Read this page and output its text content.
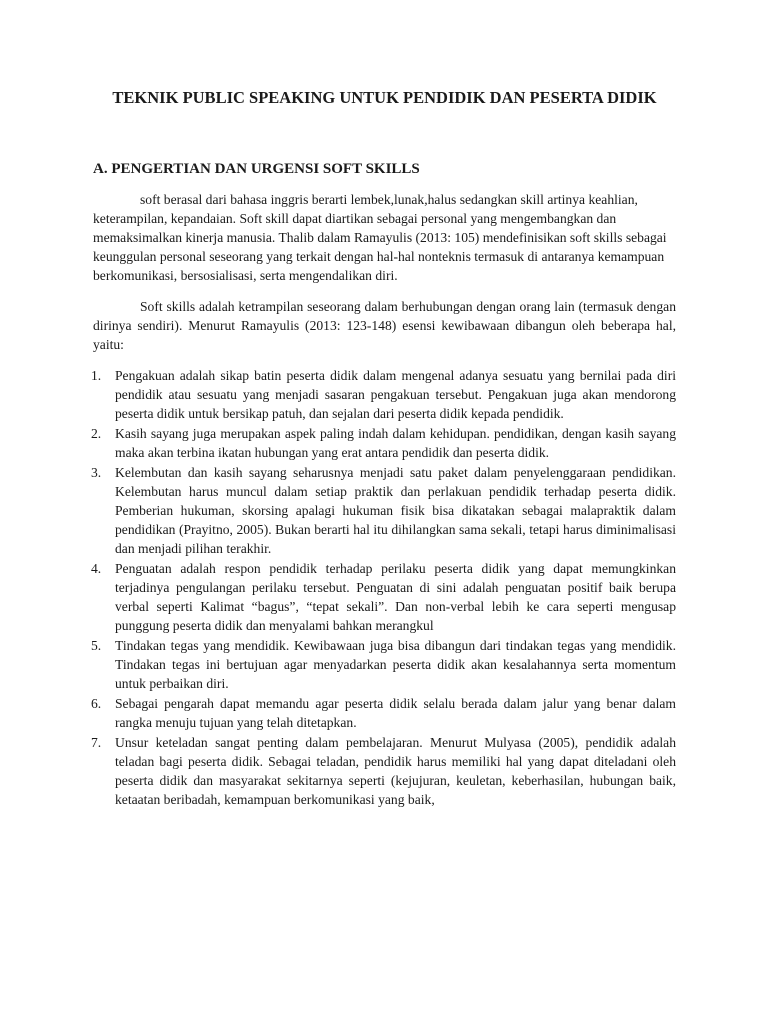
TEKNIK PUBLIC SPEAKING UNTUK PENDIDIK DAN PESERTA DIDIK
A. PENGERTIAN DAN URGENSI SOFT SKILLS

soft berasal dari bahasa inggris berarti lembek,lunak,halus sedangkan skill artinya keahlian, keterampilan, kepandaian. Soft skill dapat diartikan sebagai personal yang mengembangkan dan memaksimalkan kinerja manusia. Thalib dalam Ramayulis (2013: 105) mendefinisikan soft skills sebagai keunggulan personal seseorang yang terkait dengan hal-hal nonteknis termasuk di antaranya kemampuan berkomunikasi, bersosialisasi, serta mengendalikan diri.

Soft skills adalah ketrampilan seseorang dalam berhubungan dengan orang lain (termasuk dengan dirinya sendiri). Menurut Ramayulis (2013: 123-148) esensi kewibawaan dibangun oleh beberapa hal, yaitu:

1.	Pengakuan adalah sikap batin peserta didik dalam mengenal adanya sesuatu yang bernilai pada diri pendidik atau sesuatu yang menjadi sasaran pengakuan tersebut. Pengakuan juga akan mendorong peserta didik untuk bersikap patuh, dan sejalan dari peserta didik kepada pendidik.
2.	Kasih sayang juga merupakan aspek paling indah dalam kehidupan. pendidikan, dengan kasih sayang maka akan terbina ikatan hubungan yang erat antara pendidik dan peserta didik.
3.	Kelembutan dan kasih sayang seharusnya menjadi satu paket dalam penyelenggaraan pendidikan. Kelembutan harus muncul dalam setiap praktik dan perlakuan pendidik terhadap peserta didik. Pemberian hukuman, skorsing apalagi hukuman fisik bisa dikatakan sebagai malapraktik dalam pendidikan (Prayitno, 2005). Bukan berarti hal itu dihilangkan sama sekali, tetapi harus diminimalisasi dan menjadi pilihan terakhir.
4.	Penguatan adalah respon pendidik terhadap perilaku peserta didik yang dapat memungkinkan terjadinya pengulangan perilaku tersebut. Penguatan di sini adalah penguatan positif baik berupa verbal seperti Kalimat “bagus”, “tepat sekali”. Dan non-verbal lebih ke cara seperti mengusap punggung peserta didik dan menyalami bahkan merangkul
5.	Tindakan tegas yang mendidik. Kewibawaan juga bisa dibangun dari tindakan tegas yang mendidik. Tindakan tegas ini bertujuan agar menyadarkan peserta didik akan kesalahannya serta momentum untuk perbaikan diri.
6.	Sebagai pengarah dapat memandu agar peserta didik selalu berada dalam jalur yang benar dalam rangka menuju tujuan yang telah ditetapkan.
7.	Unsur keteladan sangat penting dalam pembelajaran. Menurut Mulyasa (2005), pendidik adalah teladan bagi peserta didik. Sebagai teladan, pendidik harus memiliki hal yang dapat diteladani oleh peserta didik dan masyarakat sekitarnya seperti (kejujuran, keuletan, keberhasilan, hubungan baik, ketaatan beribadah, kemampuan berkomunikasi yang baik,
